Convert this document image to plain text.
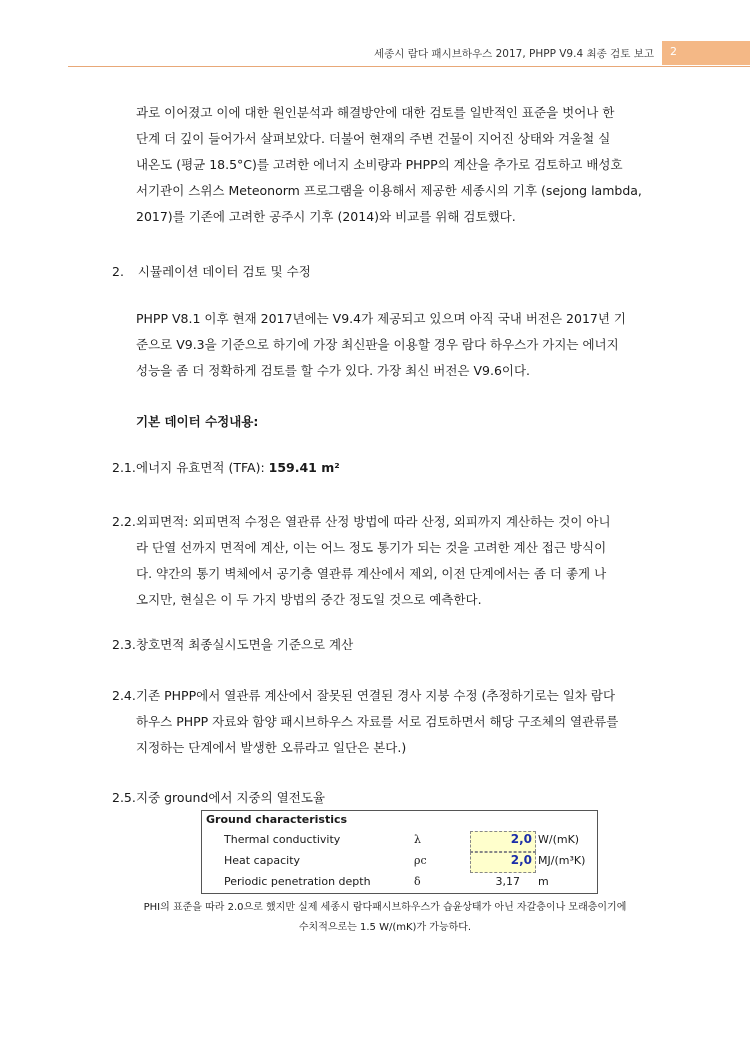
세종시 람다 패시브하우스 2017, PHPP V9.4 최종 검토 보고 2
과로 이어졌고 이에 대한 원인분석과 해결방안에 대한 검토를 일반적인 표준을 벗어나 한
단계 더 깊이 들어가서 살펴보았다. 더불어 현재의 주변 건물이 지어진 상태와 겨울철 실
내온도 (평균 18.5°C)를 고려한 에너지 소비량과 PHPP의 계산을 추가로 검토하고 배성호
서기관이 스위스 Meteonorm 프로그램을 이용해서 제공한 세종시의 기후 (sejong lambda,
2017)를 기존에 고려한 공주시 기후 (2014)와 비교를 위해 검토했다.
2. 시뮬레이션 데이터 검토 및 수정
PHPP V8.1 이후 현재 2017년에는 V9.4가 제공되고 있으며 아직 국내 버전은 2017년 기
준으로 V9.3을 기준으로 하기에 가장 최신판을 이용할 경우 람다 하우스가 가지는 에너지
성능을 좀 더 정확하게 검토를 할 수가 있다. 가장 최신 버전은 V9.6이다.
기본 데이터 수정내용:
2.1. 에너지 유효면적 (TFA): 159.41 m²
2.2. 외피면적: 외피면적 수정은 열관류 산정 방법에 따라 산정, 외피까지 계산하는 것이 아니
라 단열 선까지 면적에 계산, 이는 어느 정도 통기가 되는 것을 고려한 계산 접근 방식이
다. 약간의 통기 벽체에서 공기층 열관류 계산에서 제외, 이전 단계에서는 좀 더 좋게 나
오지만, 현실은 이 두 가지 방법의 중간 정도일 것으로 예측한다.
2.3. 창호면적 최종실시도면을 기준으로 계산
2.4. 기존 PHPP에서 열관류 계산에서 잘못된 연결된 경사 지붕 수정 (추정하기로는 일차 람다
하우스 PHPP 자료와 함양 패시브하우스 자료를 서로 검토하면서 해당 구조체의 열관류를
지정하는 단계에서 발생한 오류라고 일단은 본다.)
2.5. 지중 ground에서 지중의 열전도율
Ground characteristics
Thermal conductivity	λ	2,0 W/(mK)
Heat capacity	ρc	2,0 MJ/(m³K)
Periodic penetration depth	δ	3,17 m
PHI의 표준을 따라 2.0으로 했지만 실제 세종시 람다패시브하우스가 습윤상태가 아닌 자갈층이나 모래층이기에
수치적으로는 1.5 W/(mK)가 가능하다.
